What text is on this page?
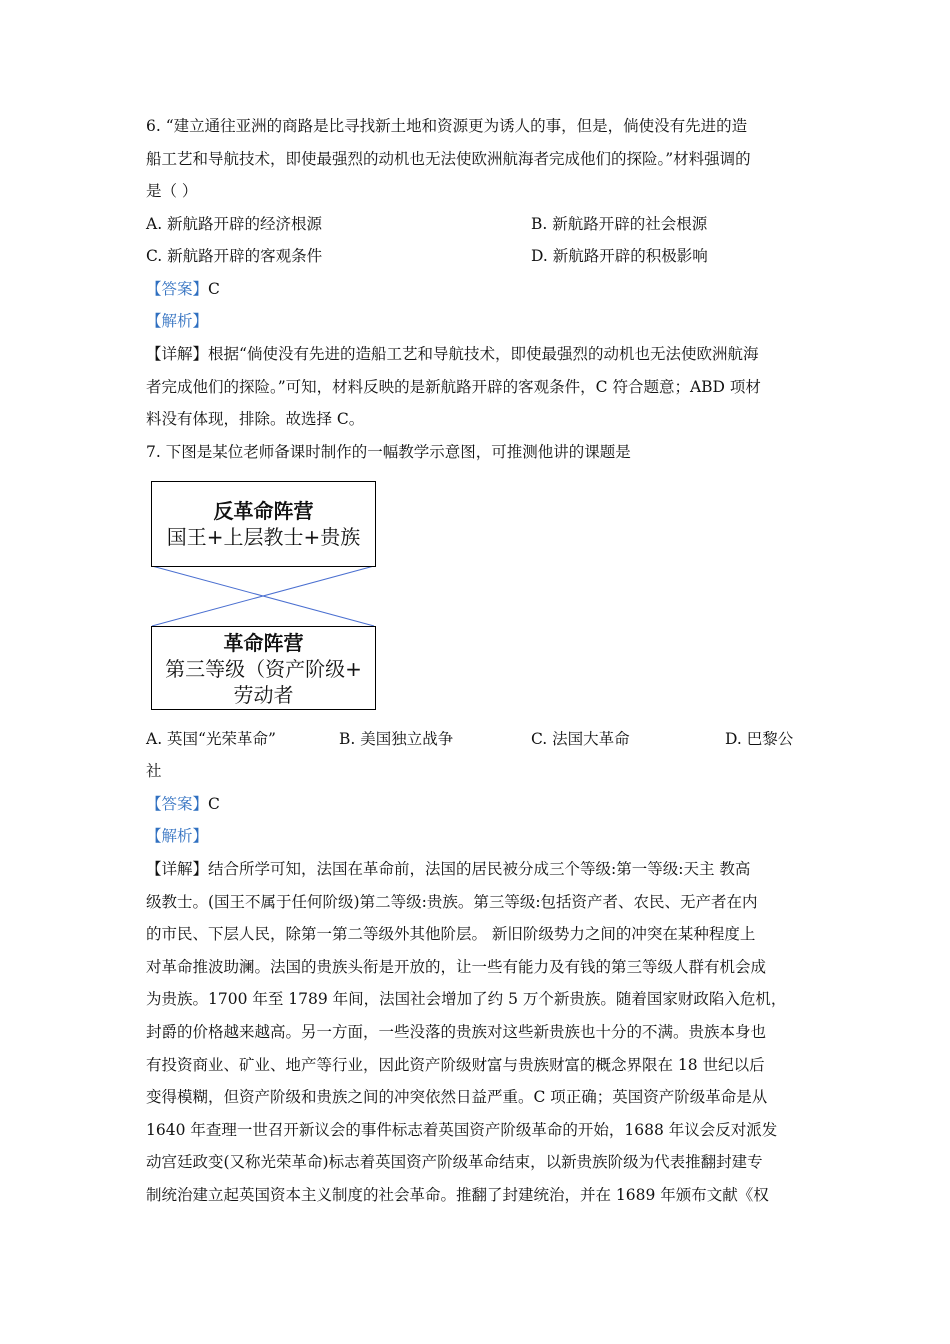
6. “建立通往亚洲的商路是比寻找新土地和资源更为诱人的事，但是，倘使没有先进的造
船工艺和导航技术，即使最强烈的动机也无法使欧洲航海者完成他们的探险。”材料强调的
是（ ）
A. 新航路开辟的经济根源	B. 新航路开辟的社会根源
C. 新航路开辟的客观条件	D. 新航路开辟的积极影响
【答案】C
【解析】
【详解】根据“倘使没有先进的造船工艺和导航技术，即使最强烈的动机也无法使欧洲航海
者完成他们的探险。”可知，材料反映的是新航路开辟的客观条件，C 符合题意；ABD 项材
料没有体现，排除。故选择 C。
7. 下图是某位老师备课时制作的一幅教学示意图，可推测他讲的课题是
反革命阵营
国王+上层教士+贵族
革命阵营
第三等级（资产阶级+
劳动者
A. 英国“光荣革命”	B. 美国独立战争	C. 法国大革命	D. 巴黎公
社
【答案】C
【解析】
【详解】结合所学可知，法国在革命前，法国的居民被分成三个等级:第一等级:天主 教高
级教士。(国王不属于任何阶级)第二等级:贵族。第三等级:包括资产者、农民、无产者在内
的市民、下层人民，除第一第二等级外其他阶层。 新旧阶级势力之间的冲突在某种程度上
对革命推波助澜。法国的贵族头衔是开放的，让一些有能力及有钱的第三等级人群有机会成
为贵族。1700 年至 1789 年间，法国社会增加了约 5 万个新贵族。随着国家财政陷入危机，
封爵的价格越来越高。另一方面，一些没落的贵族对这些新贵族也十分的不满。贵族本身也
有投资商业、矿业、地产等行业，因此资产阶级财富与贵族财富的概念界限在 18 世纪以后
变得模糊，但资产阶级和贵族之间的冲突依然日益严重。C 项正确；英国资产阶级革命是从
1640 年查理一世召开新议会的事件标志着英国资产阶级革命的开始，1688 年议会反对派发
动宫廷政变(又称光荣革命)标志着英国资产阶级革命结束，以新贵族阶级为代表推翻封建专
制统治建立起英国资本主义制度的社会革命。推翻了封建统治，并在 1689 年颁布文献《权
